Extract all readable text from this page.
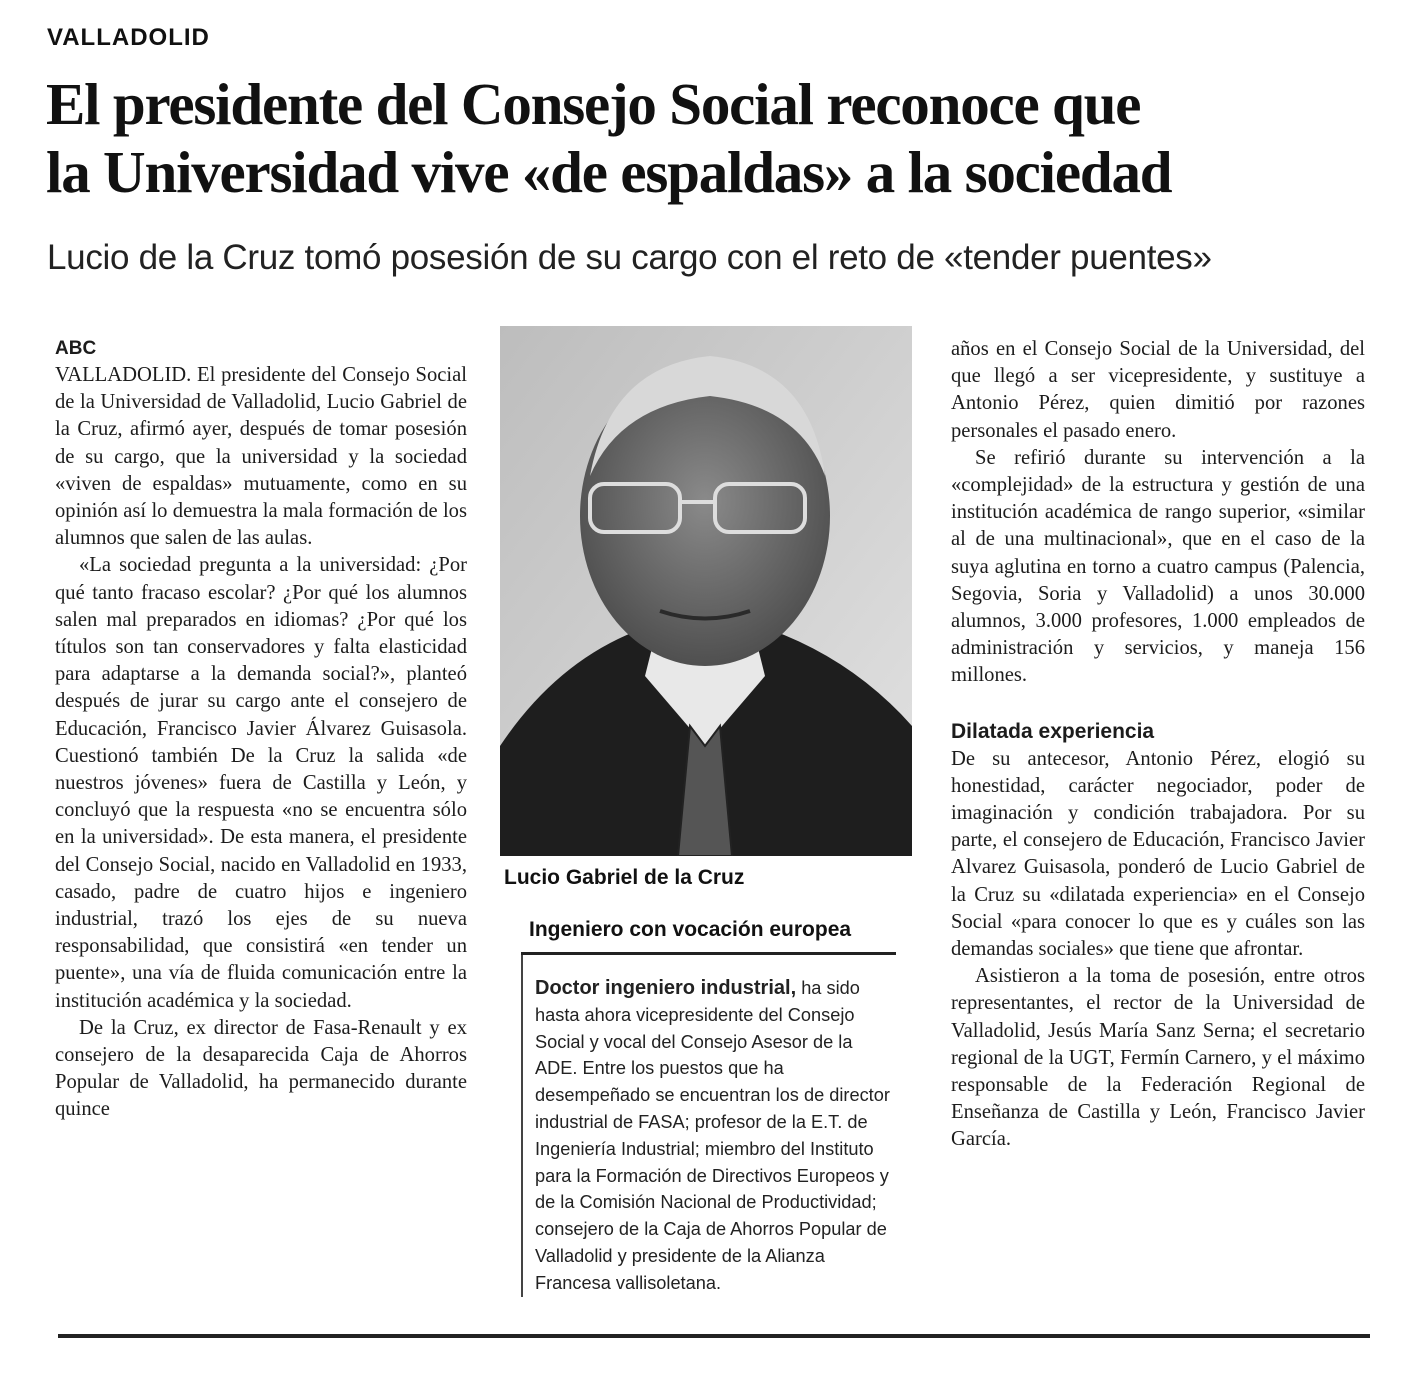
VALLADOLID
El presidente del Consejo Social reconoce que
la Universidad vive «de espaldas» a la sociedad
Lucio de la Cruz tomó posesión de su cargo con el reto de «tender puentes»
ABC

VALLADOLID. El presidente del Consejo Social de la Universidad de Valladolid, Lucio Gabriel de la Cruz, afirmó ayer, después de tomar posesión de su cargo, que la universidad y la sociedad «viven de espaldas» mutuamente, como en su opinión así lo demuestra la mala formación de los alumnos que salen de las aulas.

«La sociedad pregunta a la universidad: ¿Por qué tanto fracaso escolar? ¿Por qué los alumnos salen mal preparados en idiomas? ¿Por qué los títulos son tan conservadores y falta elasticidad para adaptarse a la demanda social?», planteó después de jurar su cargo ante el consejero de Educación, Francisco Javier Álvarez Guisasola. Cuestionó también De la Cruz la salida «de nuestros jóvenes» fuera de Castilla y León, y concluyó que la respuesta «no se encuentra sólo en la universidad». De esta manera, el presidente del Consejo Social, nacido en Valladolid en 1933, casado, padre de cuatro hijos e ingeniero industrial, trazó los ejes de su nueva responsabilidad, que consistirá «en tender un puente», una vía de fluida comunicación entre la institución académica y la sociedad.

De la Cruz, ex director de Fasa-Renault y ex consejero de la desaparecida Caja de Ahorros Popular de Valladolid, ha permanecido durante quince

Lucio Gabriel de la Cruz
Ingeniero con vocación europea
Doctor ingeniero industrial, ha sido hasta ahora vicepresidente del Consejo Social y vocal del Consejo Asesor de la ADE. Entre los puestos que ha desempeñado se encuentran los de director industrial de FASA; profesor de la E.T. de Ingeniería Industrial; miembro del Instituto para la Formación de Directivos Europeos y de la Comisión Nacional de Productividad; consejero de la Caja de Ahorros Popular de Valladolid y presidente de la Alianza Francesa vallisoletana.

años en el Consejo Social de la Universidad, del que llegó a ser vicepresidente, y sustituye a Antonio Pérez, quien dimitió por razones personales el pasado enero.

Se refirió durante su intervención a la «complejidad» de la estructura y gestión de una institución académica de rango superior, «similar al de una multinacional», que en el caso de la suya aglutina en torno a cuatro campus (Palencia, Segovia, Soria y Valladolid) a unos 30.000 alumnos, 3.000 profesores, 1.000 empleados de administración y servicios, y maneja 156 millones.

Dilatada experiencia

De su antecesor, Antonio Pérez, elogió su honestidad, carácter negociador, poder de imaginación y condición trabajadora. Por su parte, el consejero de Educación, Francisco Javier Alvarez Guisasola, ponderó de Lucio Gabriel de la Cruz su «dilatada experiencia» en el Consejo Social «para conocer lo que es y cuáles son las demandas sociales» que tiene que afrontar.

Asistieron a la toma de posesión, entre otros representantes, el rector de la Universidad de Valladolid, Jesús María Sanz Serna; el secretario regional de la UGT, Fermín Carnero, y el máximo responsable de la Federación Regional de Enseñanza de Castilla y León, Francisco Javier García.
